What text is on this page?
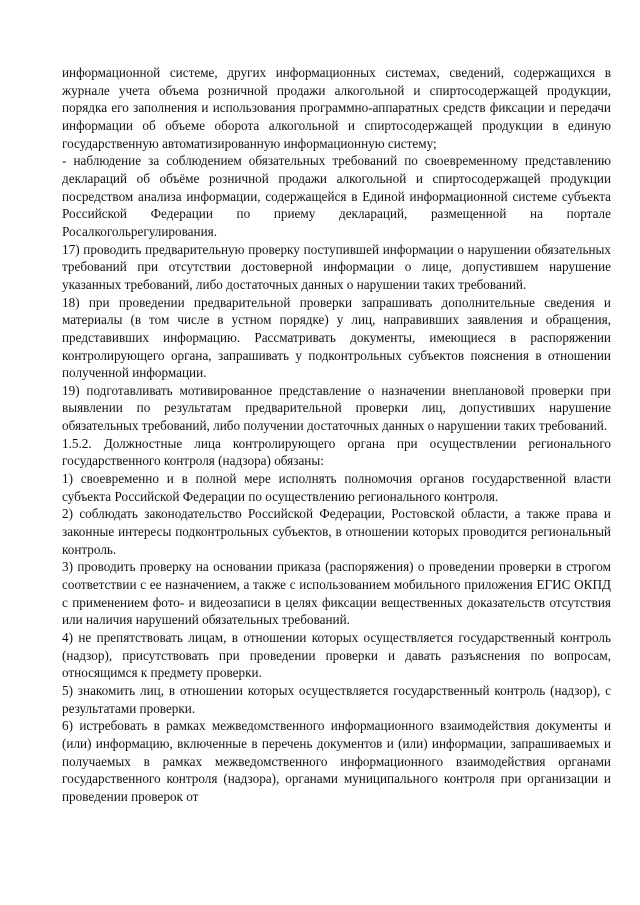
информационной системе, других информационных системах, сведений, содержащихся в журнале учета объема розничной продажи алкогольной и спиртосодержащей продукции, порядка его заполнения и использования программно-аппаратных средств фиксации и передачи информации об объеме оборота алкогольной и спиртосодержащей продукции в единую государственную автоматизированную информационную систему;

- наблюдение за соблюдением обязательных требований по своевременному представлению деклараций об объёме розничной продажи алкогольной и спиртосодержащей продукции посредством анализа информации, содержащейся в Единой информационной системе субъекта Российской Федерации по приему деклараций, размещенной на портале Росалкогольрегулирования.

17) проводить предварительную проверку поступившей информации о нарушении обязательных требований при отсутствии достоверной информации о лице, допустившем нарушение указанных требований, либо достаточных данных о нарушении таких требований.

18) при проведении предварительной проверки запрашивать дополнительные сведения и материалы (в том числе в устном порядке) у лиц, направивших заявления и обращения, представивших информацию. Рассматривать документы, имеющиеся в распоряжении контролирующего органа, запрашивать у подконтрольных субъектов пояснения в отношении полученной информации.

19) подготавливать мотивированное представление о назначении внеплановой проверки при выявлении по результатам предварительной проверки лиц, допустивших нарушение обязательных требований, либо получении достаточных данных о нарушении таких требований.

1.5.2. Должностные лица контролирующего органа при осуществлении регионального государственного контроля (надзора) обязаны:

1) своевременно и в полной мере исполнять полномочия органов государственной власти субъекта Российской Федерации по осуществлению регионального контроля.

2) соблюдать законодательство Российской Федерации, Ростовской области, а также права и законные интересы подконтрольных субъектов, в отношении которых проводится региональный контроль.

3) проводить проверку на основании приказа (распоряжения) о проведении проверки в строгом соответствии с ее назначением, а также с использованием мобильного приложения ЕГИС ОКПД с применением фото- и видеозаписи в целях фиксации вещественных доказательств отсутствия или наличия нарушений обязательных требований.

4) не препятствовать лицам, в отношении которых осуществляется государственный контроль (надзор), присутствовать при проведении проверки и давать разъяснения по вопросам, относящимся к предмету проверки.

5) знакомить лиц, в отношении которых осуществляется государственный контроль (надзор), с результатами проверки.

6) истребовать в рамках межведомственного информационного взаимодействия документы и (или) информацию, включенные в перечень документов и (или) информации, запрашиваемых и получаемых в рамках межведомственного информационного взаимодействия органами государственного контроля (надзора), органами муниципального контроля при организации и проведении проверок от
